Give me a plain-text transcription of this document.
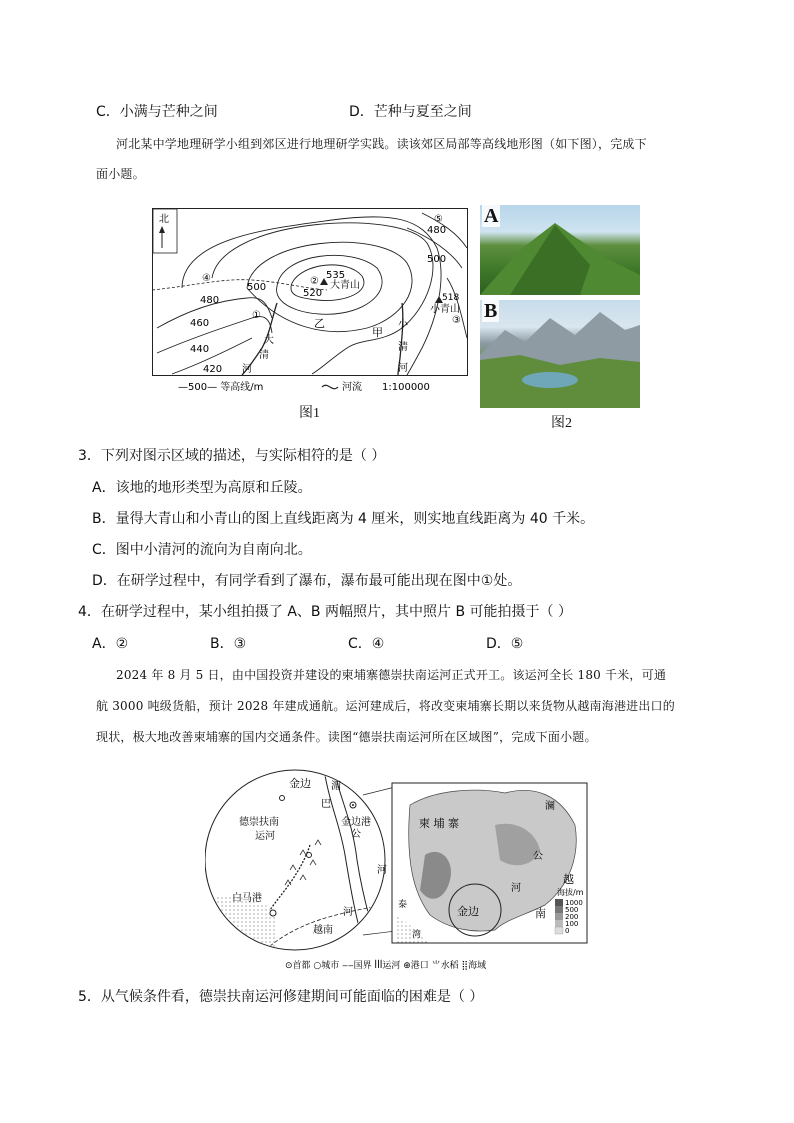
C．小满与芒种之间	D．芒种与夏至之间
河北某中学地理研学小组到郊区进行地理研学实践。读该郊区局部等高线地形图（如下图），完成下
面小题。
北
535
520
500
480
460
440
420
480
500
518
大青山
小青山
乙
甲
大
清
河
小
清
河
①
②
③
④
⑤
—500— 等高线/m	河流 1:100000
图1
A
B
图2
3．下列对图示区域的描述，与实际相符的是（ ）
A．该地的地形类型为高原和丘陵。
B．量得大青山和小青山的图上直线距离为 4 厘米，则实地直线距离为 40 千米。
C．图中小清河的流向为自南向北。
D．在研学过程中，有同学看到了瀑布，瀑布最可能出现在图中①处。
4．在研学过程中，某小组拍摄了 A、B 两幅照片，其中照片 B 可能拍摄于（ ）
A．②	B．③	C．④	D．⑤
2024 年 8 月 5 日，由中国投资并建设的柬埔寨德崇扶南运河正式开工。该运河全长 180 千米，可通
航 3000 吨级货船，预计 2028 年建成通航。运河建成后，将改变柬埔寨长期以来货物从越南海港进出口的
现状，极大地改善柬埔寨的国内交通条件。读图“德崇扶南运河所在区域图”，完成下面小题。
金边 湄
公
河
巴
德崇扶南
运河
金边港
白马港
越南
河
柬 埔 寨
澜
公
河
越
南
金边
泰
湾
海拔/m
1000
500
200
100
0
⊙首都 ○城市 ‒‒国界 ꟾꟾꟾ运河 ⊕港口 ⺌水稻 ⣿海域
5．从气候条件看，德崇扶南运河修建期间可能面临的困难是（ ）
